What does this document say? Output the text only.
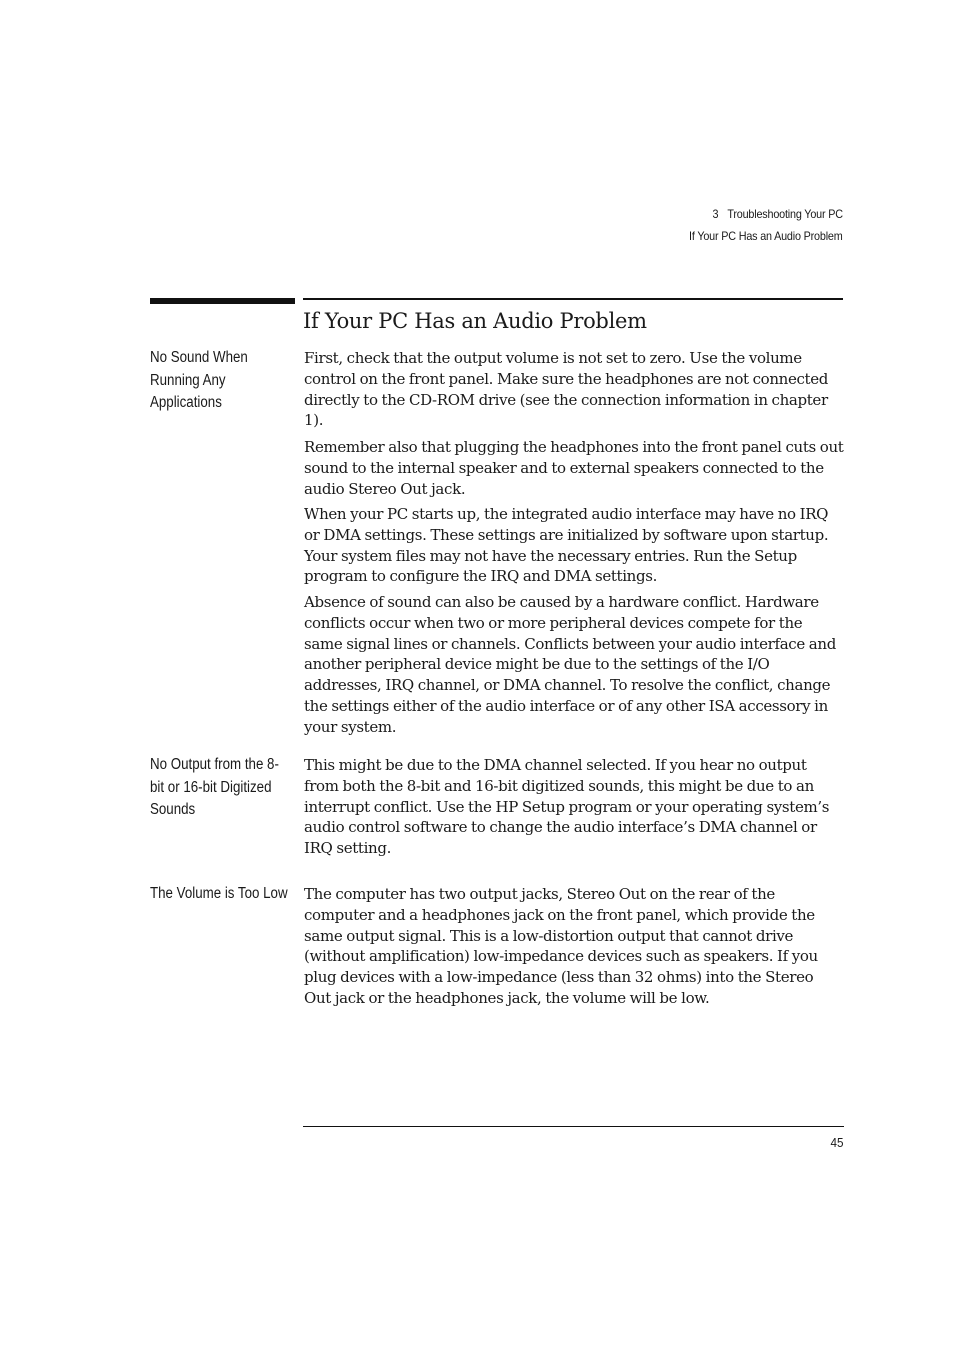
3 Troubleshooting Your PC
If Your PC Has an Audio Problem
If Your PC Has an Audio Problem
No Sound When
Running Any
Applications

First, check that the output volume is not set to zero. Use the volume control on the front panel. Make sure the headphones are not connected directly to the CD-ROM drive (see the connection information in chapter 1).

Remember also that plugging the headphones into the front panel cuts out sound to the internal speaker and to external speakers connected to the audio Stereo Out jack.

When your PC starts up, the integrated audio interface may have no IRQ or DMA settings. These settings are initialized by software upon startup. Your system files may not have the necessary entries. Run the Setup program to configure the IRQ and DMA settings.

Absence of sound can also be caused by a hardware conflict. Hardware conflicts occur when two or more peripheral devices compete for the same signal lines or channels. Conflicts between your audio interface and another peripheral device might be due to the settings of the I/O addresses, IRQ channel, or DMA channel. To resolve the conflict, change the settings either of the audio interface or of any other ISA accessory in your system.

No Output from the 8-
bit or 16-bit Digitized
Sounds

This might be due to the DMA channel selected. If you hear no output from both the 8-bit and 16-bit digitized sounds, this might be due to an interrupt conflict. Use the HP Setup program or your operating system’s audio control software to change the audio interface’s DMA channel or IRQ setting.

The Volume is Too Low	The computer has two output jacks, Stereo Out on the rear of the computer and a headphones jack on the front panel, which provide the same output signal. This is a low-distortion output that cannot drive (without amplification) low-impedance devices such as speakers. If you plug devices with a low-impedance (less than 32 ohms) into the Stereo Out jack or the headphones jack, the volume will be low.

45
